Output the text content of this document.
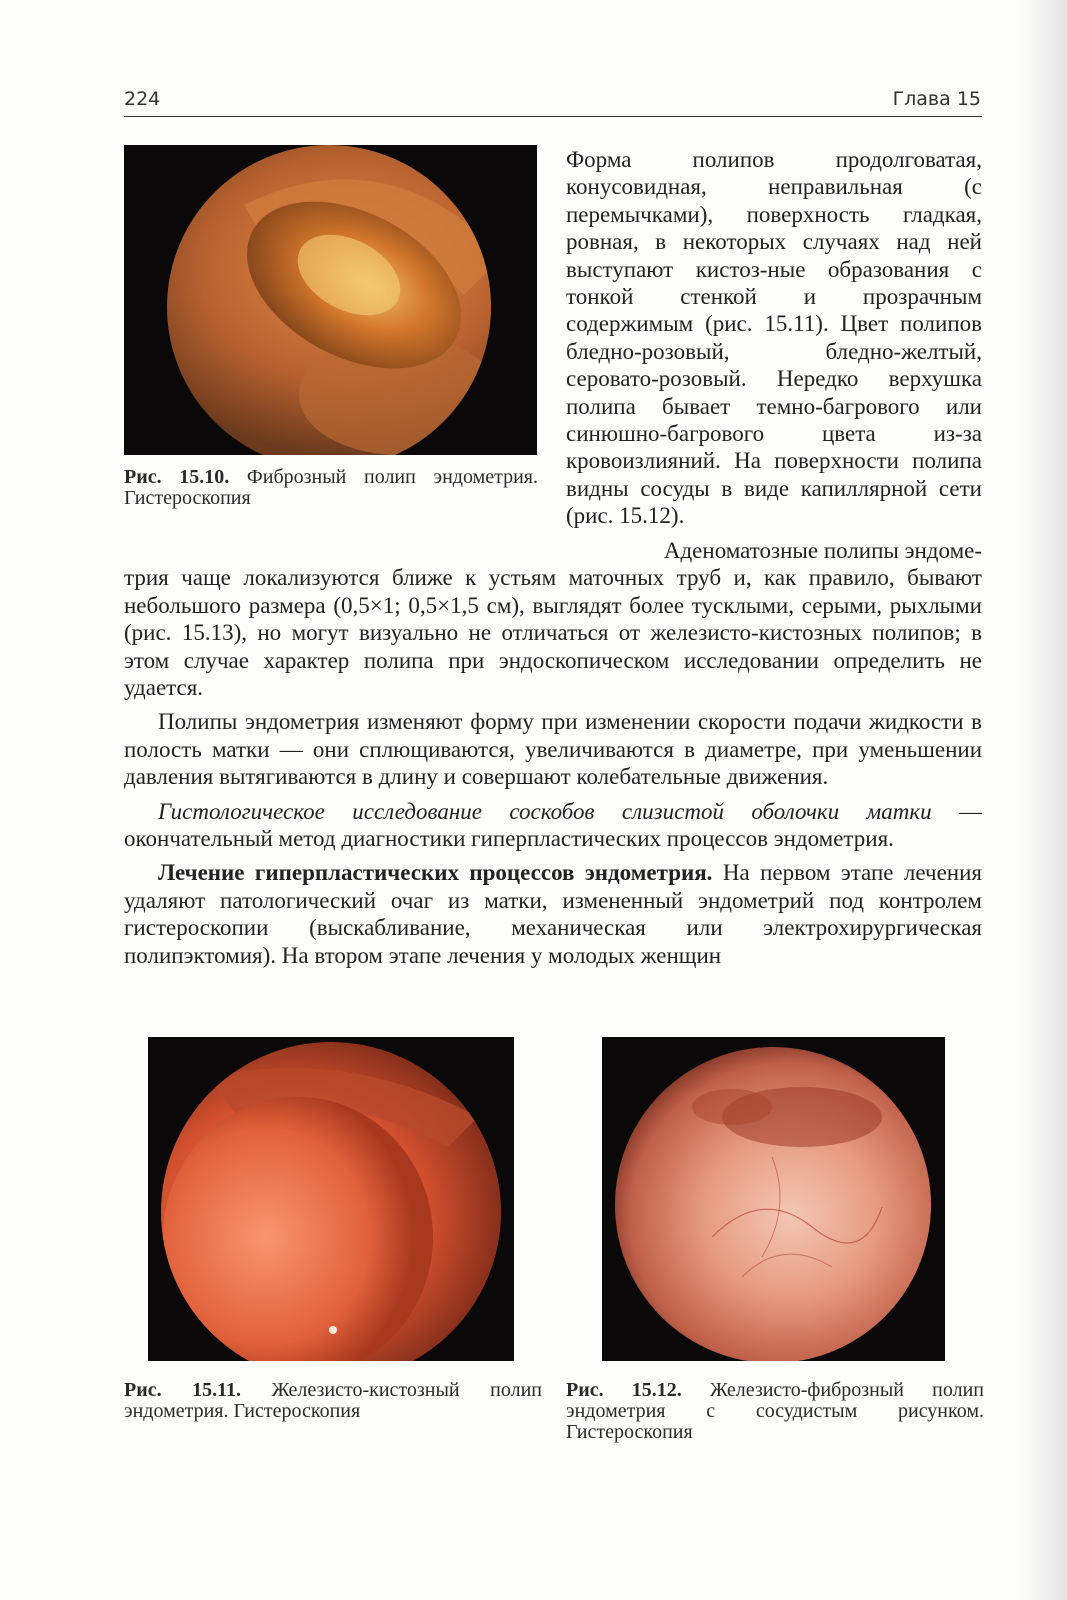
224	Глава 15
Рис. 15.10. Фиброзный полип эндометрия. Гистероскопия

Форма полипов продолговатая, конусовидная, неправильная (с перемычками), поверхность гладкая, ровная, в некоторых случаях над ней выступают кистоз-ные образования с тонкой стенкой и прозрачным содержимым (рис. 15.11). Цвет полипов бледно-розовый, бледно-желтый, серовато-розовый. Нередко верхушка полипа бывает темно-багрового или синюшно-багрового цвета из-за кровоизлияний. На поверхности полипа видны сосуды в виде капиллярной сети (рис. 15.12).

Аденоматозные полипы эндоме-

трия чаще локализуются ближе к устьям маточных труб и, как правило, бывают небольшого размера (0,5×1; 0,5×1,5 см), выглядят более тусклыми, серыми, рыхлыми (рис. 15.13), но могут визуально не отличаться от железисто-кистозных полипов; в этом случае характер полипа при эндоскопическом исследовании определить не удается.

Полипы эндометрия изменяют форму при изменении скорости подачи жидкости в полость матки — они сплющиваются, увеличиваются в диаметре, при уменьшении давления вытягиваются в длину и совершают колебательные движения.

Гистологическое исследование соскобов слизистой оболочки матки — окончательный метод диагностики гиперпластических процессов эндометрия.

Лечение гиперпластических процессов эндометрия. На первом этапе лечения удаляют патологический очаг из матки, измененный эндометрий под контролем гистероскопии (выскабливание, механическая или электрохирургическая полипэктомия). На втором этапе лечения у молодых женщин

Рис. 15.11. Железисто-кистозный полип эндометрия. Гистероскопия
Рис. 15.12. Железисто-фиброзный полип эндометрия с сосудистым рисунком. Гистероскопия
